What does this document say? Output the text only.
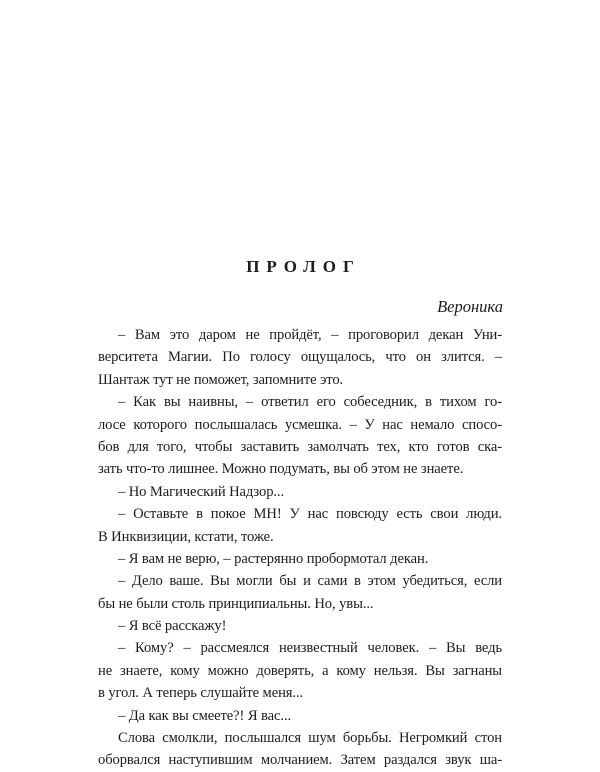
ПРОЛОГ
Вероника
– Вам это даром не пройдёт, – проговорил декан Уни-
верситета Магии. По голосу ощущалось, что он злится. –
Шантаж тут не поможет, запомните это.
– Как вы наивны, – ответил его собеседник, в тихом го-
лосе которого послышалась усмешка. – У нас немало спосо-
бов для того, чтобы заставить замолчать тех, кто готов ска-
зать что-то лишнее. Можно подумать, вы об этом не знаете.
– Но Магический Надзор...
– Оставьте в покое МН! У нас повсюду есть свои люди.
В Инквизиции, кстати, тоже.
– Я вам не верю, – растерянно пробормотал декан.
– Дело ваше. Вы могли бы и сами в этом убедиться, если
бы не были столь принципиальны. Но, увы...
– Я всё расскажу!
– Кому? – рассмеялся неизвестный человек. – Вы ведь
не знаете, кому можно доверять, а кому нельзя. Вы загнаны
в угол. А теперь слушайте меня...
– Да как вы смеете?! Я вас...
Слова смолкли, послышался шум борьбы. Негромкий стон
оборвался наступившим молчанием. Затем раздался звук ша-
